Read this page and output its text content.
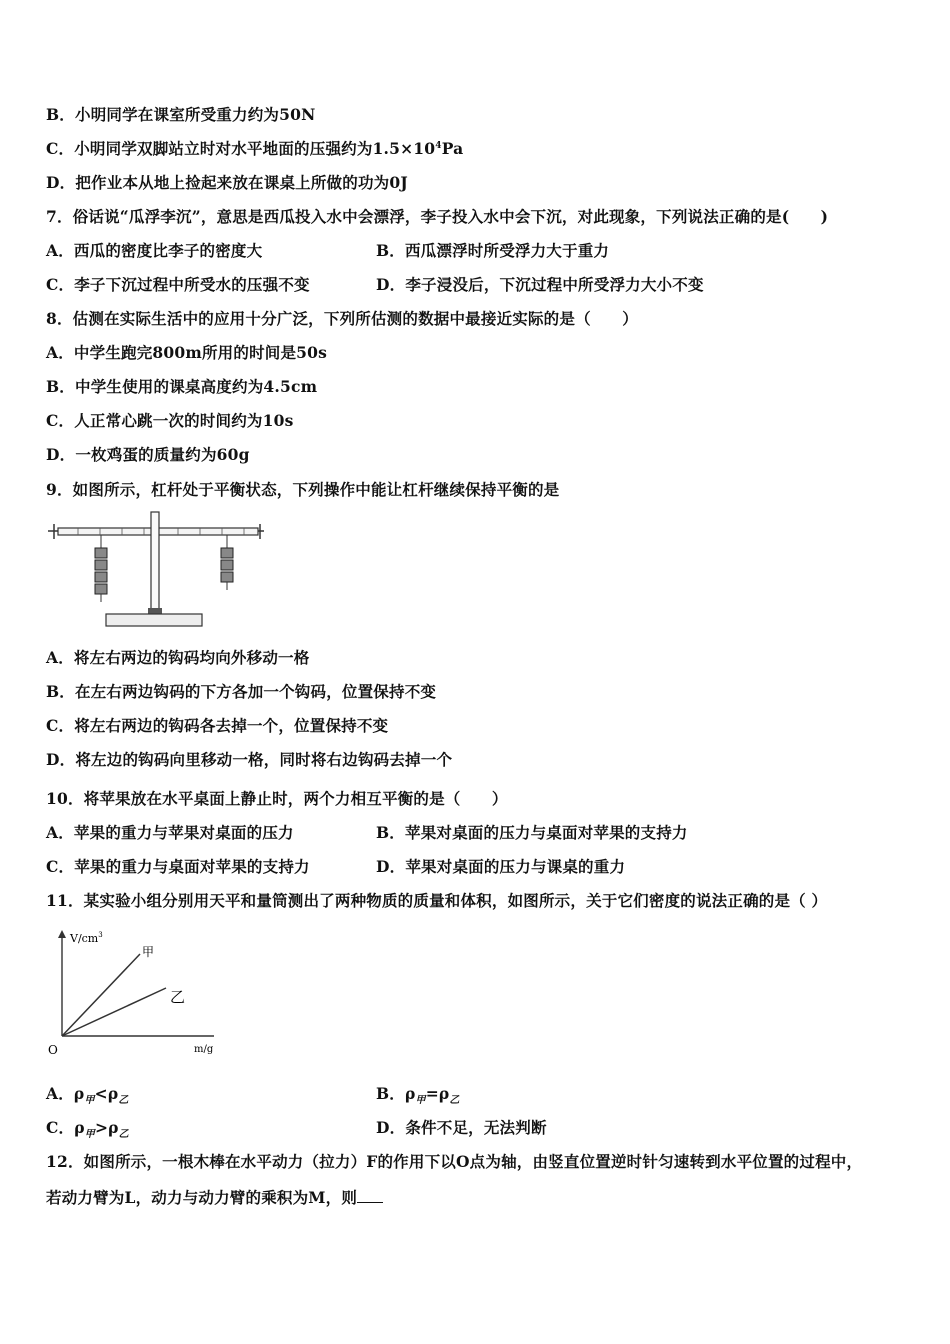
B．小明同学在课室所受重力约为50N
C．小明同学双脚站立时对水平地面的压强约为$1.5\times 10^4Pa$
D．把作业本从地上捡起来放在课桌上所做的功为0J
7．俗话说“瓜浮李沉”，意思是西瓜投入水中会漂浮，李子投入水中会下沉，对此现象，下列说法正确的是(　　)
A．西瓜的密度比李子的密度大	B．西瓜漂浮时所受浮力大于重力
C．李子下沉过程中所受水的压强不变	D．李子浸没后，下沉过程中所受浮力大小不变
8．估测在实际生活中的应用十分广泛，下列所估测的数据中最接近实际的是（　　）
A．中学生跑完800m所用的时间是50s
B．中学生使用的课桌高度约为4.5cm
C．人正常心跳一次的时间约为10s
D．一枚鸡蛋的质量约为60g
9．如图所示，杠杆处于平衡状态，下列操作中能让杠杆继续保持平衡的是
A．将左右两边的钩码均向外移动一格
B．在左右两边钩码的下方各加一个钩码，位置保持不变
C．将左右两边的钩码各去掉一个，位置保持不变
D．将左边的钩码向里移动一格，同时将右边钩码去掉一个
10．将苹果放在水平桌面上静止时，两个力相互平衡的是（　　）
A．苹果的重力与苹果对桌面的压力	B．苹果对桌面的压力与桌面对苹果的支持力
C．苹果的重力与桌面对苹果的支持力	D．苹果对桌面的压力与课桌的重力
11．某实验小组分别用天平和量筒测出了两种物质的质量和体积，如图所示，关于它们密度的说法正确的是（ ）
$V/cm^3$
m/g
O
甲
乙
A．$\rho_甲<\rho_乙$	B．$\rho_甲=\rho_乙$
C．$\rho_甲>\rho_乙$	D．条件不足，无法判断
12．如图所示，一根木棒在水平动力（拉力）F的作用下以O点为轴，由竖直位置逆时针匀速转到水平位置的过程中，
若动力臂为L，动力与动力臂的乘积为M，则
